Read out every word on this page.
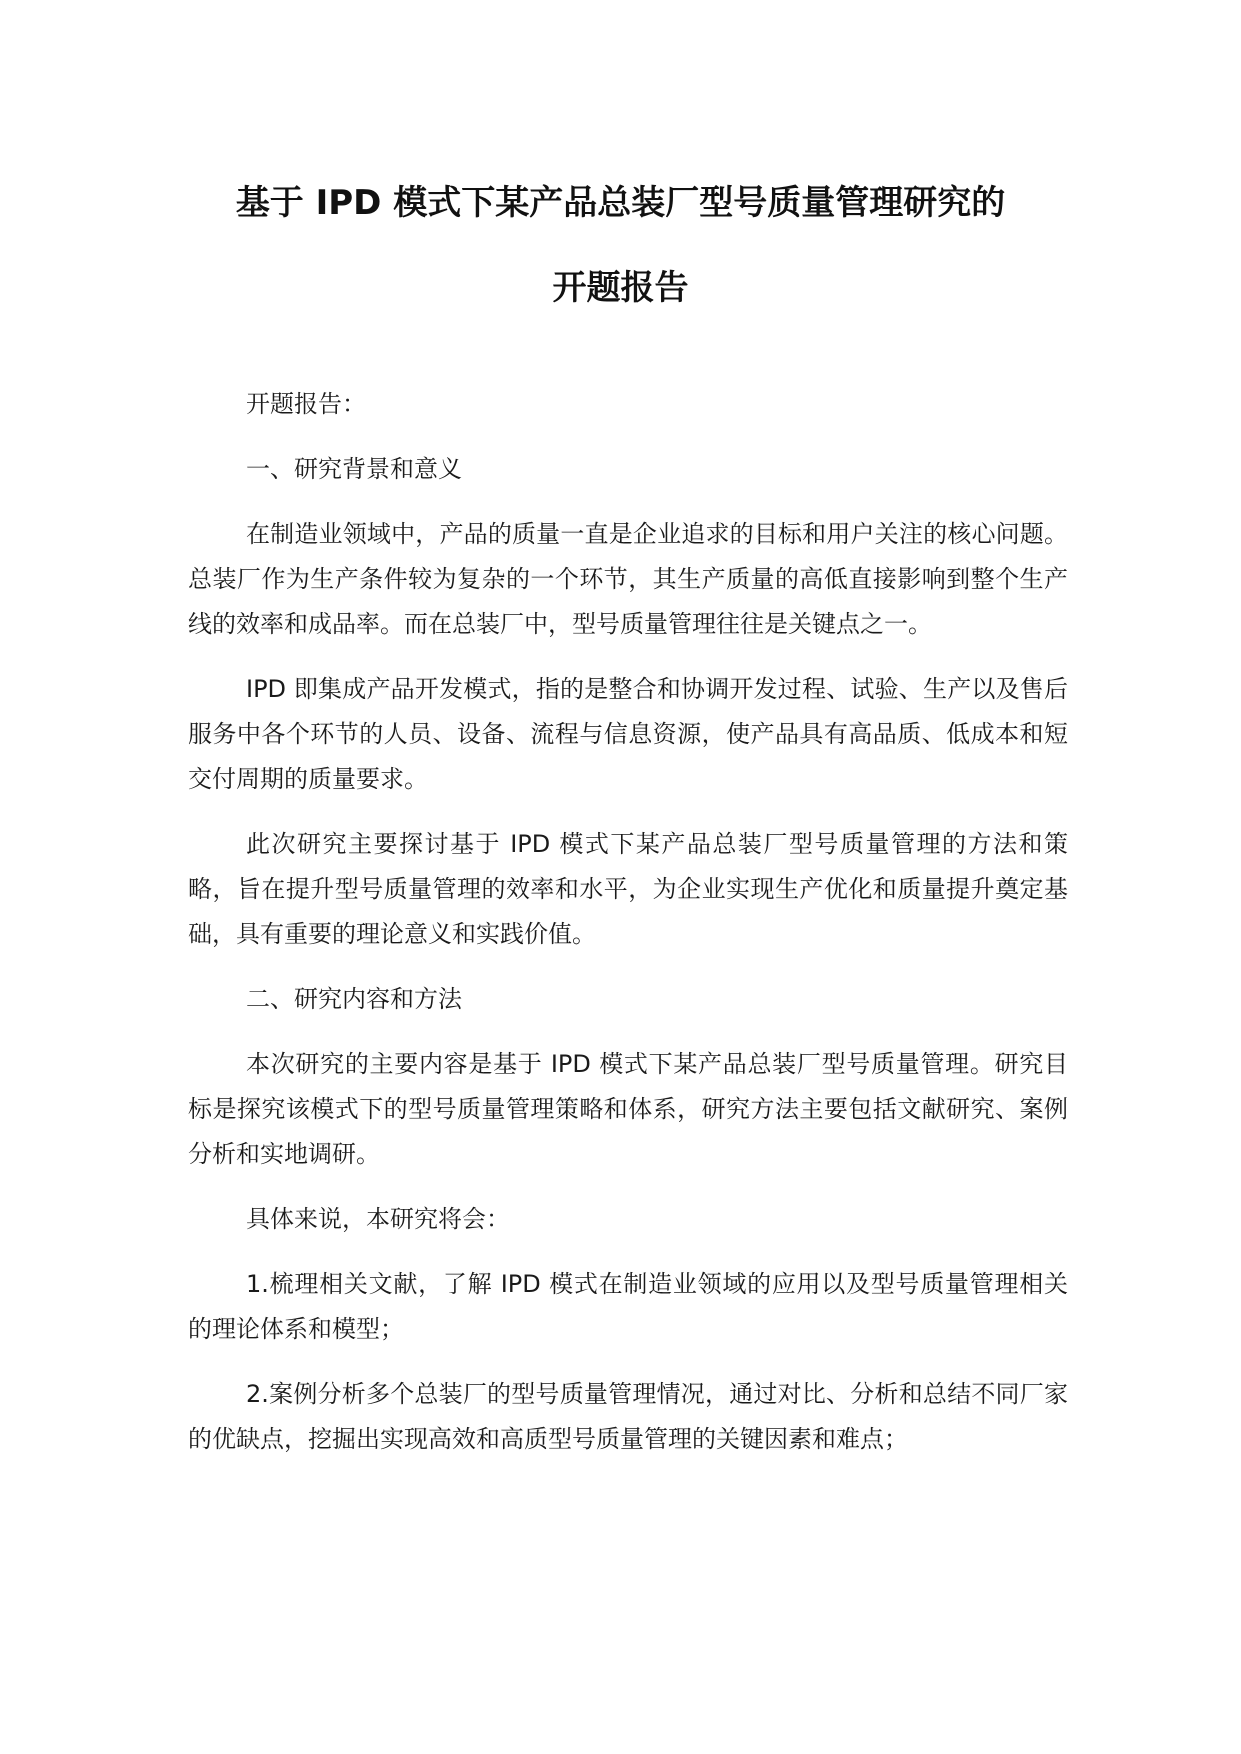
基于 IPD 模式下某产品总装厂型号质量管理研究的
开题报告

开题报告：

一、研究背景和意义

在制造业领域中，产品的质量一直是企业追求的目标和用户关注的核心问题。总装厂作为生产条件较为复杂的一个环节，其生产质量的高低直接影响到整个生产线的效率和成品率。而在总装厂中，型号质量管理往往是关键点之一。

IPD 即集成产品开发模式，指的是整合和协调开发过程、试验、生产以及售后服务中各个环节的人员、设备、流程与信息资源，使产品具有高品质、低成本和短交付周期的质量要求。

此次研究主要探讨基于 IPD 模式下某产品总装厂型号质量管理的方法和策略，旨在提升型号质量管理的效率和水平，为企业实现生产优化和质量提升奠定基础，具有重要的理论意义和实践价值。

二、研究内容和方法

本次研究的主要内容是基于 IPD 模式下某产品总装厂型号质量管理。研究目标是探究该模式下的型号质量管理策略和体系，研究方法主要包括文献研究、案例分析和实地调研。

具体来说，本研究将会：

1.梳理相关文献，了解 IPD 模式在制造业领域的应用以及型号质量管理相关的理论体系和模型；

2.案例分析多个总装厂的型号质量管理情况，通过对比、分析和总结不同厂家的优缺点，挖掘出实现高效和高质型号质量管理的关键因素和难点；
